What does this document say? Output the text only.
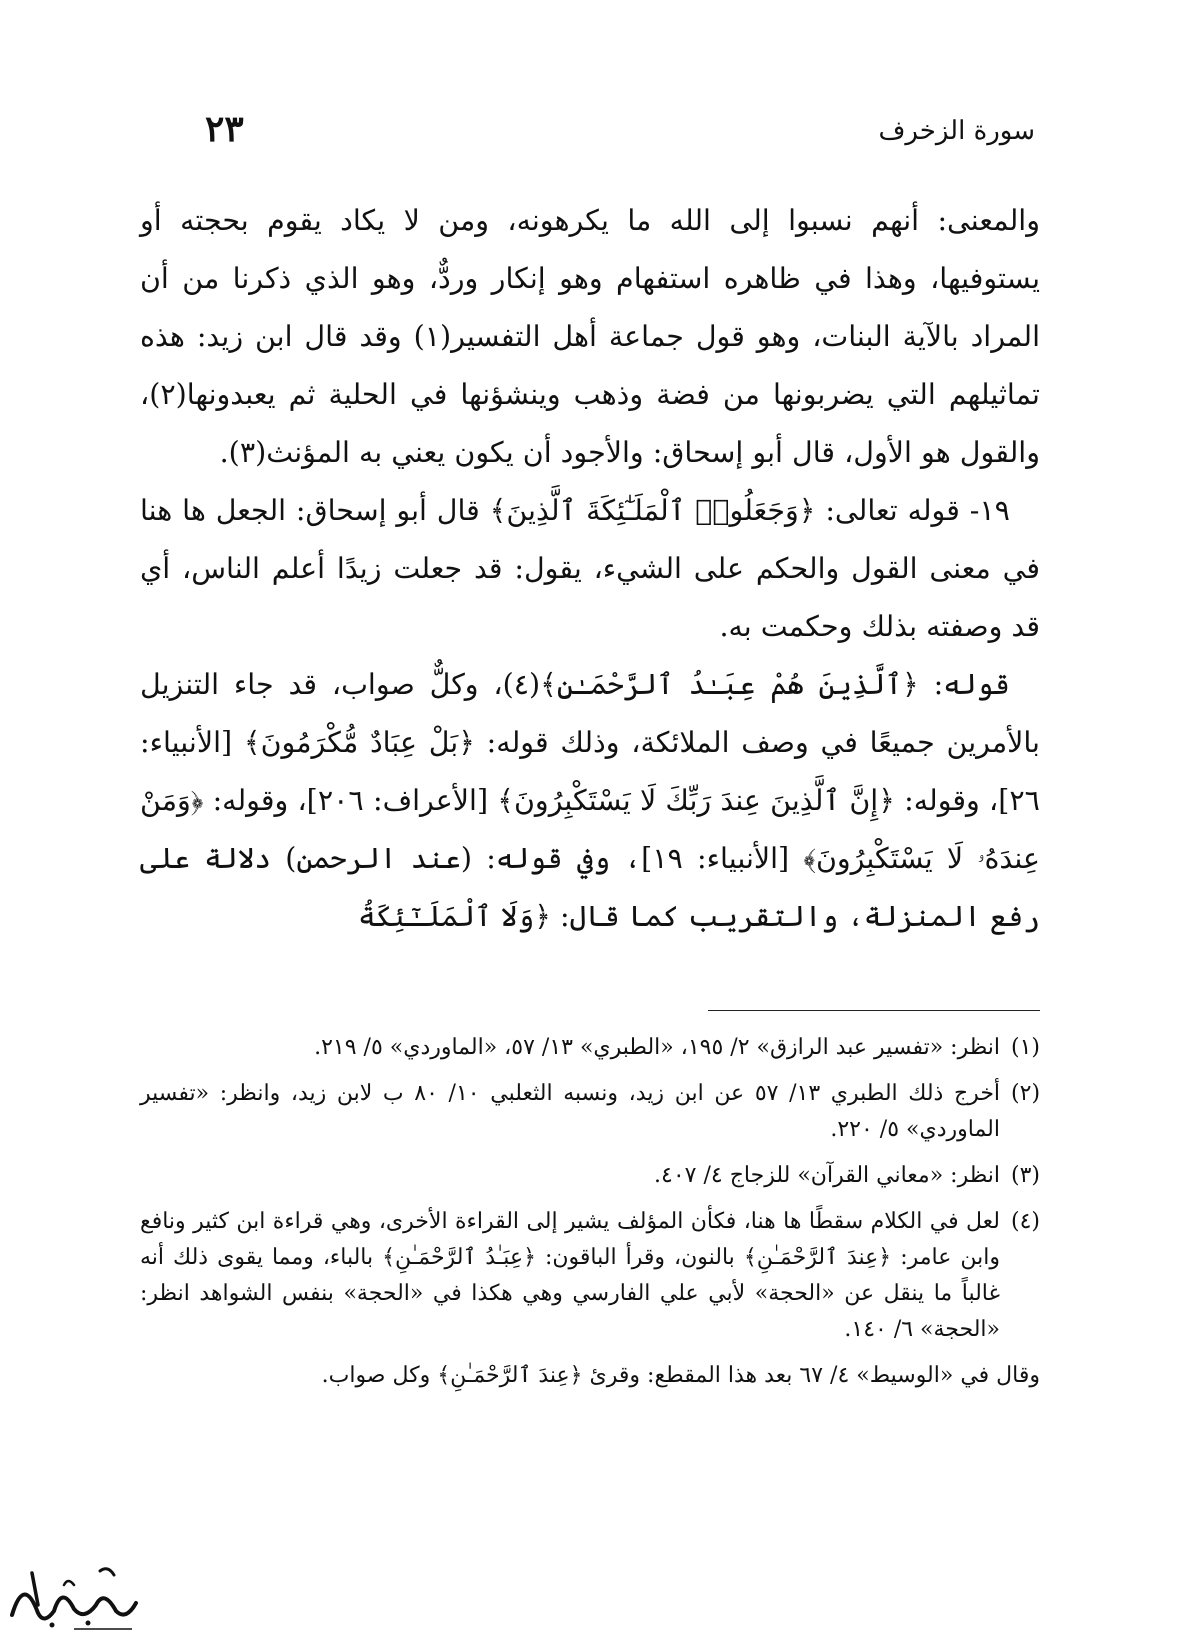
سورة الزخرف
٢٣

والمعنى: أنهم نسبوا إلى الله ما يكرهونه، ومن لا يكاد يقوم بحجته أو يستوفيها، وهذا في ظاهره استفهام وهو إنكار وردٌّ، وهو الذي ذكرنا من أن المراد بالآية البنات، وهو قول جماعة أهل التفسير(١) وقد قال ابن زيد: هذه تماثيلهم التي يضربونها من فضة وذهب وينشؤنها في الحلية ثم يعبدونها(٢)، والقول هو الأول، قال أبو إسحاق: والأجود أن يكون يعني به المؤنث(٣).

١٩- قوله تعالى: ﴿وَجَعَلُوا۟ ٱلْمَلَـٰٓئِكَةَ ٱلَّذِينَ﴾ قال أبو إسحاق: الجعل ها هنا في معنى القول والحكم على الشيء، يقول: قد جعلت زيدًا أعلم الناس، أي قد وصفته بذلك وحكمت به.

قوله: ﴿ٱلَّذِينَ هُمْ عِبَـٰدُ ٱلرَّحْمَـٰنِ﴾(٤)، وكلٌّ صواب، قد جاء التنزيل بالأمرين جميعًا في وصف الملائكة، وذلك قوله: ﴿بَلْ عِبَادٌ مُّكْرَمُونَ﴾ [الأنبياء: ٢٦]، وقوله: ﴿إِنَّ ٱلَّذِينَ عِندَ رَبِّكَ لَا يَسْتَكْبِرُونَ﴾ [الأعراف: ٢٠٦]، وقوله: ﴿وَمَنْ عِندَهُۥ لَا يَسْتَكْبِرُونَ﴾ [الأنبياء: ١٩]، وفي قوله: (عند الرحمن) دلالة على رفع المنزلة، والتقريب كما قال: ﴿وَلَا ٱلْمَلَـٰٓئِكَةُ

(١)انظر: «تفسير عبد الرازق» ٢/ ١٩٥، «الطبري» ١٣/ ٥٧، «الماوردي» ٥/ ٢١٩.

(٢)أخرج ذلك الطبري ١٣/ ٥٧ عن ابن زيد، ونسبه الثعلبي ١٠/ ٨٠ ب لابن زيد، وانظر: «تفسير الماوردي» ٥/ ٢٢٠.

(٣)انظر: «معاني القرآن» للزجاج ٤/ ٤٠٧.

(٤)لعل في الكلام سقطًا ها هنا، فكأن المؤلف يشير إلى القراءة الأخرى، وهي قراءة ابن كثير ونافع وابن عامر: ﴿عِندَ ٱلرَّحْمَـٰنِ﴾ بالنون، وقرأ الباقون: ﴿عِبَـٰدُ ٱلرَّحْمَـٰنِ﴾ بالباء، ومما يقوى ذلك أنه غالباً ما ينقل عن «الحجة» لأبي علي الفارسي وهي هكذا في «الحجة» بنفس الشواهد انظر: «الحجة» ٦/ ١٤٠.

وقال في «الوسيط» ٤/ ٦٧ بعد هذا المقطع: وقرئ ﴿عِندَ ٱلرَّحْمَـٰنِ﴾ وكل صواب.
